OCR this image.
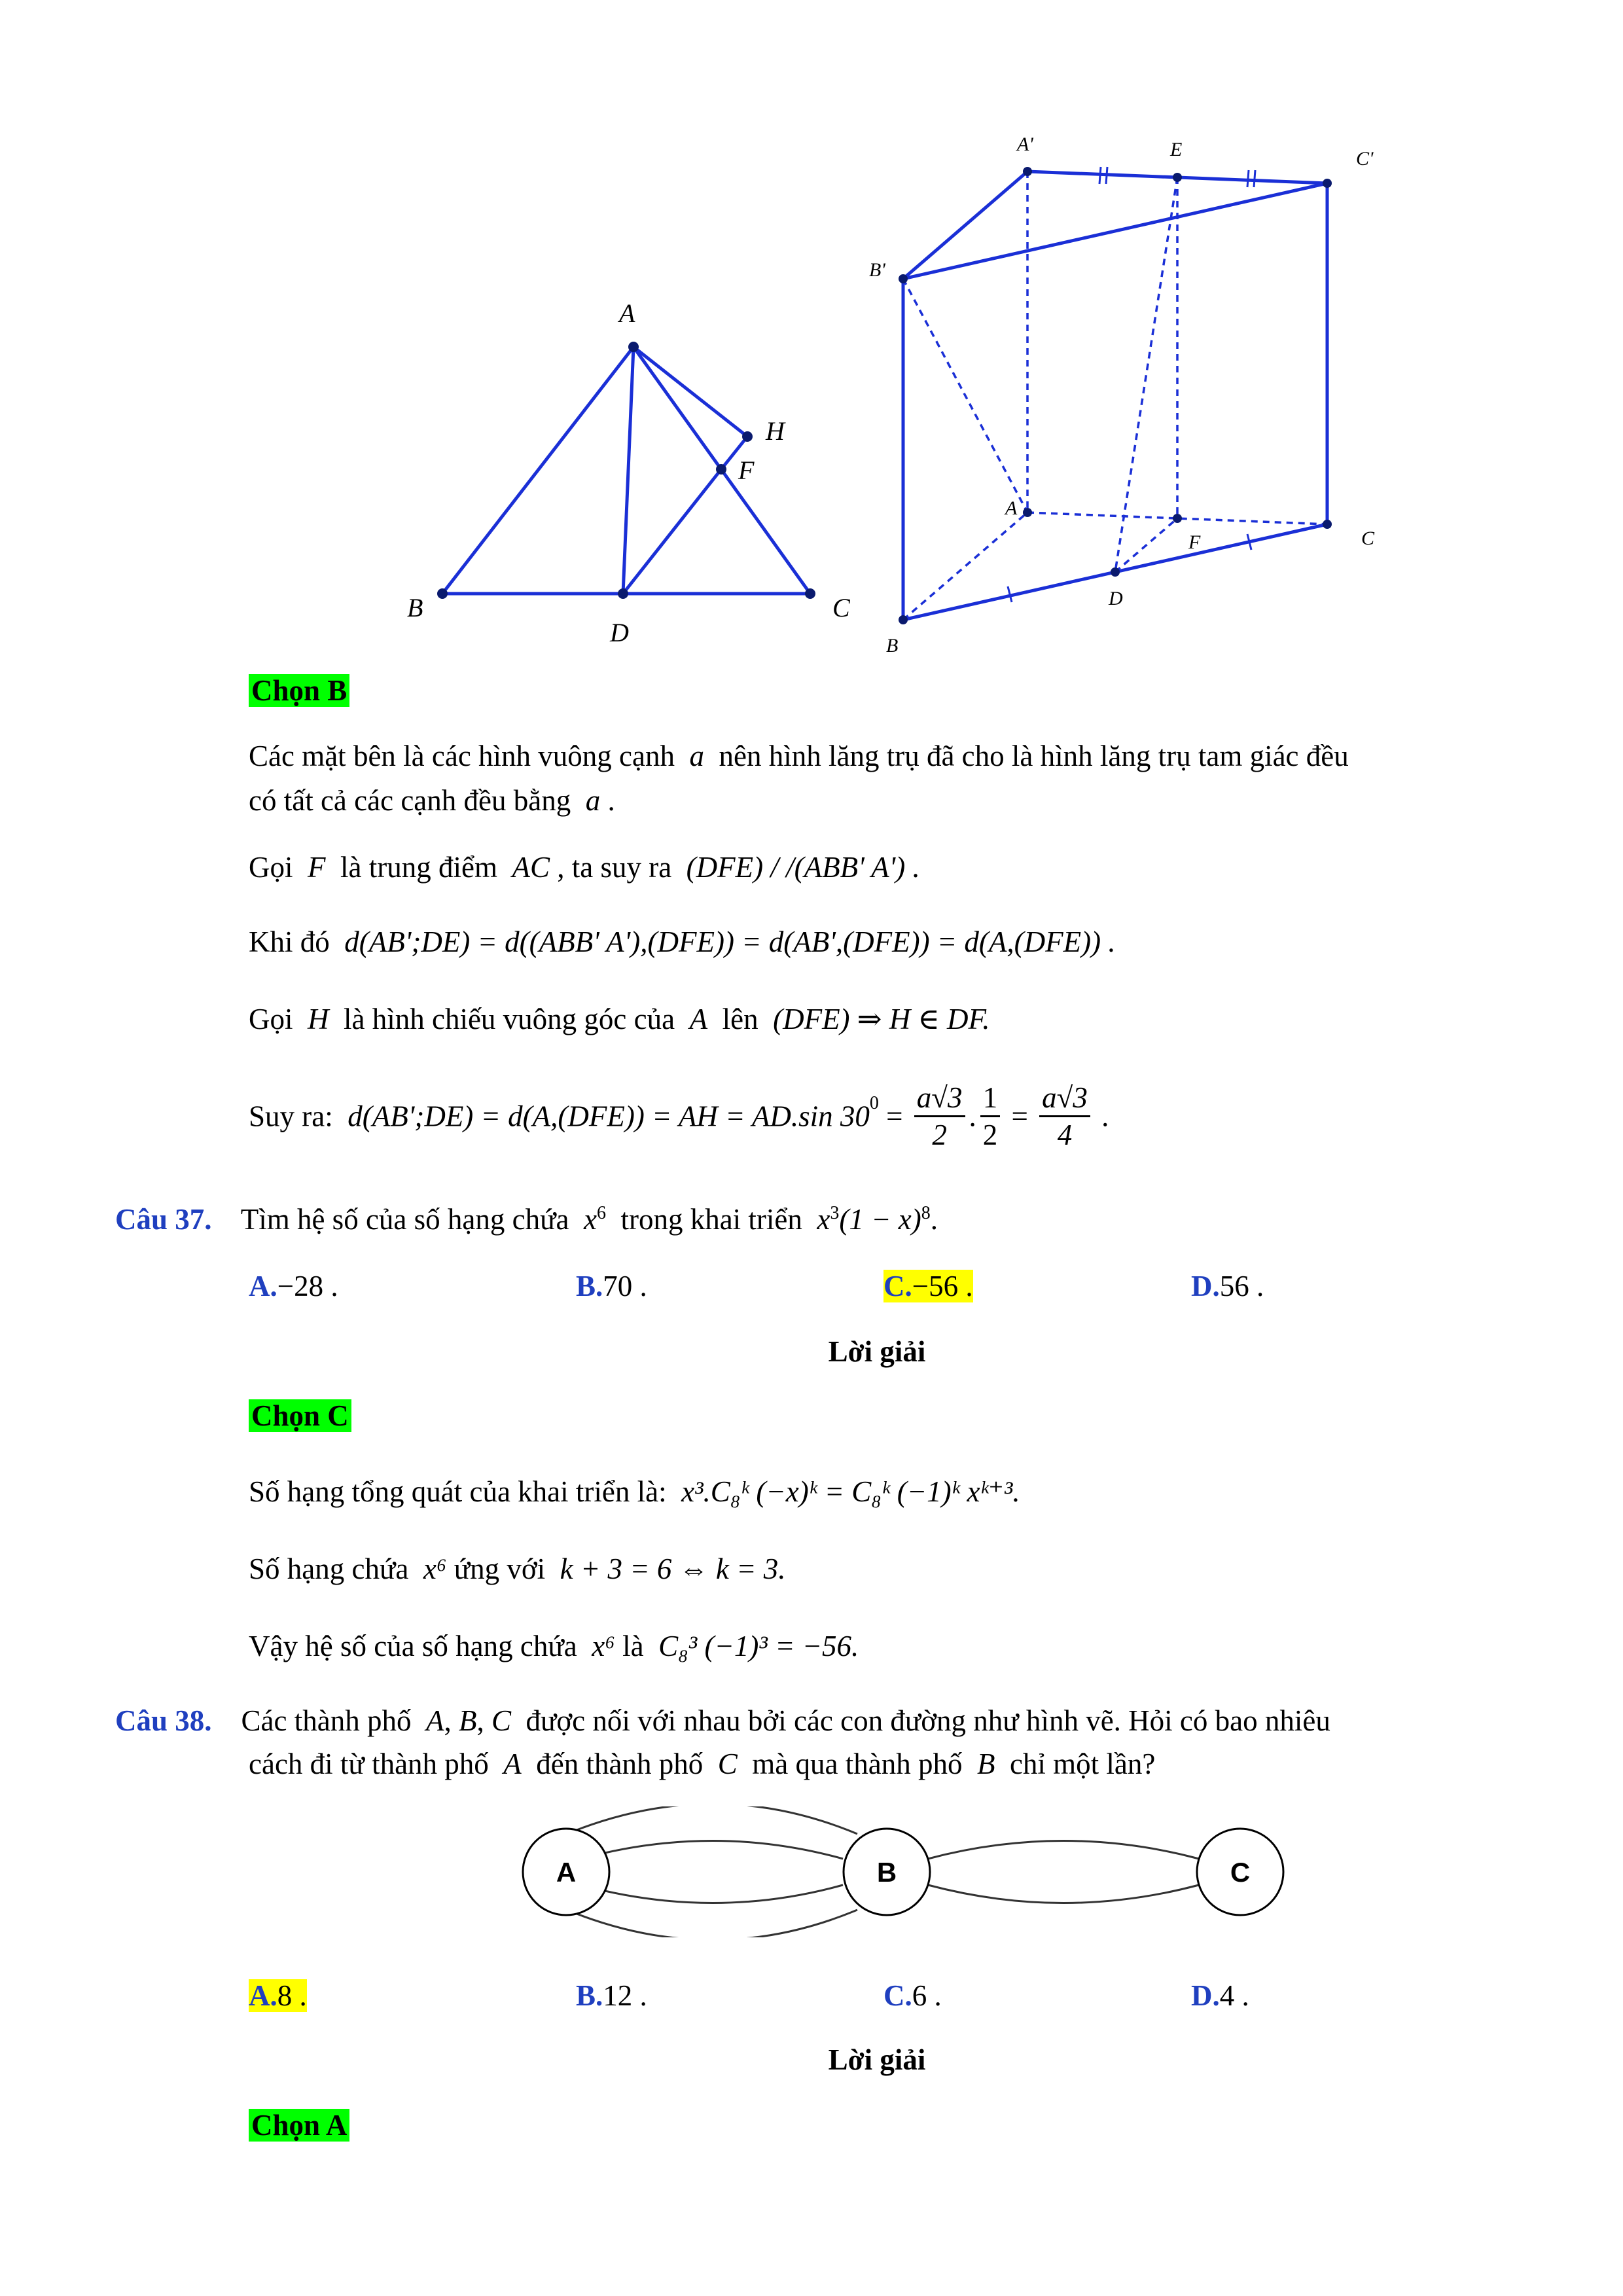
A
B	C
D
F
H
A'	E	C'
B'
A
F	C
D
B
Chọn B
Các mặt bên là các hình vuông cạnh a nên hình lăng trụ đã cho là hình lăng trụ tam giác đều
có tất cả các cạnh đều bằng a .
Gọi F là trung điểm AC , ta suy ra (DFE) / /(ABB' A') .
Khi đó d(AB';DE) = d((ABB' A'),(DFE)) = d(AB',(DFE)) = d(A,(DFE)) .
Gọi H là hình chiếu vuông góc của A lên (DFE) ⇒ H ∈ DF.
Suy ra: d(AB';DE) = d(A,(DFE)) = AH = AD.sin $30^0 = \frac{a√3}{2}$ . $\frac{1}{2} = \frac{a√3}{4}$ .
Câu 37. Tìm hệ số của số hạng chứa $x^6$ trong khai triển $x^3(1 - x)^8$.
A.−28 .	B.70 .	C.−56 .	D.56 .
Lời giải
Chọn C
Số hạng tổng quát của khai triển là: x³.C₈ᵏ (−x)ᵏ = C₈ᵏ (−1)ᵏ xᵏ⁺³.
Số hạng chứa x⁶ ứng với k + 3 = 6 ⇔ k = 3.
Vậy hệ số của số hạng chứa x⁶ là C₈³ (−1)³ = −56.
Câu 38. Các thành phố A, B, C được nối với nhau bởi các con đường như hình vẽ. Hỏi có bao nhiêu
cách đi từ thành phố A đến thành phố C mà qua thành phố B chỉ một lần?
A	B	C
A.8 .	B.12 .	C.6 .	D.4 .
Lời giải
Chọn A
